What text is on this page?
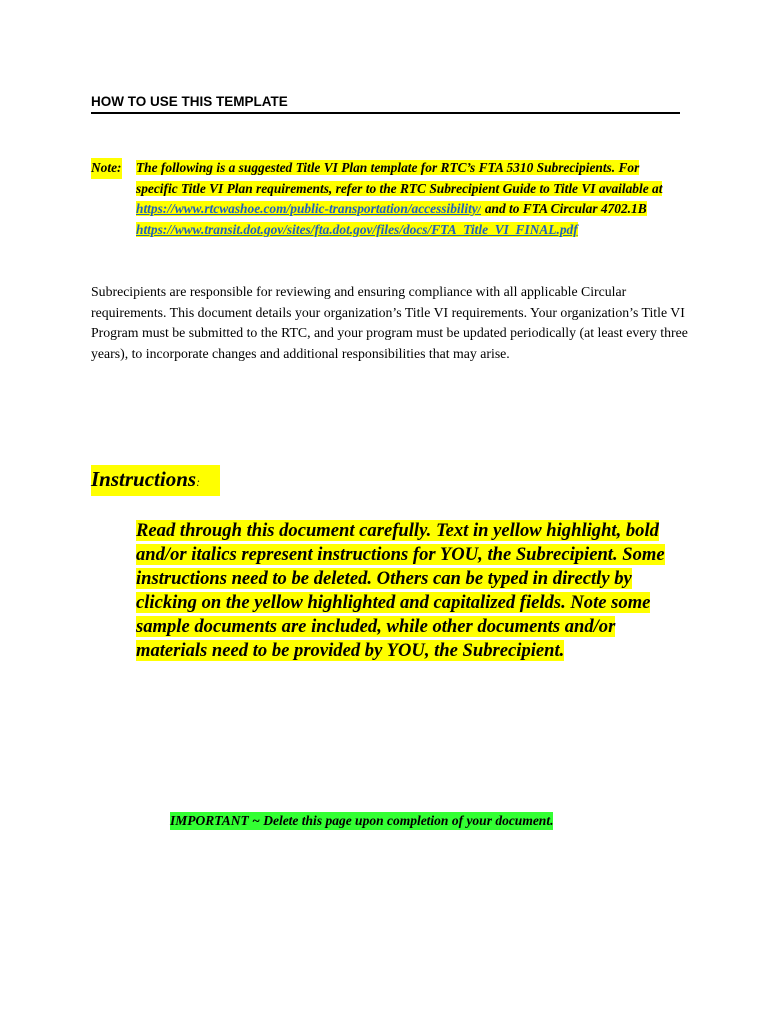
HOW TO USE THIS TEMPLATE
Note: The following is a suggested Title VI Plan template for RTC’s FTA 5310 Subrecipients. For specific Title VI Plan requirements, refer to the RTC Subrecipient Guide to Title VI available at https://www.rtcwashoe.com/public-transportation/accessibility/ and to FTA Circular 4702.1B
https://www.transit.dot.gov/sites/fta.dot.gov/files/docs/FTA_Title_VI_FINAL.pdf
Subrecipients are responsible for reviewing and ensuring compliance with all applicable Circular requirements. This document details your organization’s Title VI requirements. Your organization’s Title VI Program must be submitted to the RTC, and your program must be updated periodically (at least every three years), to incorporate changes and additional responsibilities that may arise.
Instructions:
Read through this document carefully. Text in yellow highlight, bold and/or italics represent instructions for YOU, the Subrecipient. Some instructions need to be deleted. Others can be typed in directly by clicking on the yellow highlighted and capitalized fields. Note some sample documents are included, while other documents and/or materials need to be provided by YOU, the Subrecipient.
IMPORTANT ~ Delete this page upon completion of your document.
